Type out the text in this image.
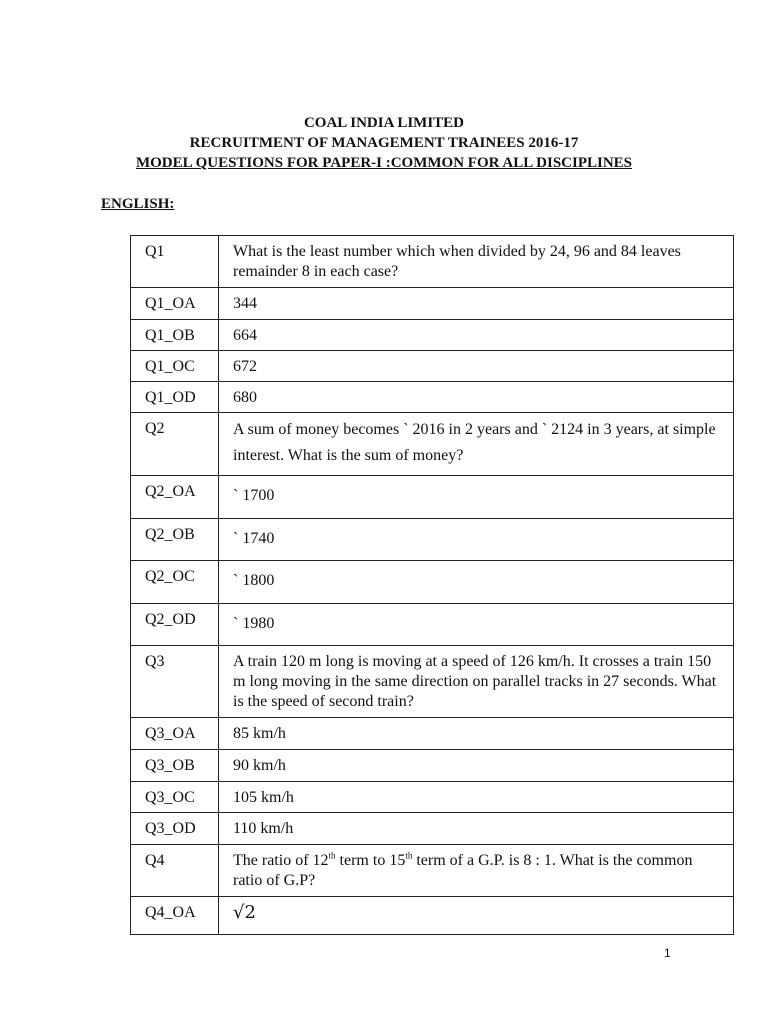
COAL INDIA LIMITED
RECRUITMENT OF MANAGEMENT TRAINEES 2016-17
MODEL QUESTIONS FOR PAPER-I :COMMON FOR ALL DISCIPLINES
ENGLISH:
Q1	What is the least number which when divided by 24, 96 and 84 leaves remainder 8 in each case?
Q1_OA	344
Q1_OB	664
Q1_OC	672
Q1_OD	680
Q2	A sum of money becomes ` 2016 in 2 years and ` 2124 in 3 years, at simple interest. What is the sum of money?
Q2_OA	` 1700
Q2_OB	` 1740
Q2_OC	` 1800
Q2_OD	` 1980
Q3	A train 120 m long is moving at a speed of 126 km/h. It crosses a train 150 m long moving in the same direction on parallel tracks in 27 seconds. What is the speed of second train?
Q3_OA	85 km/h
Q3_OB	90 km/h
Q3_OC	105 km/h
Q3_OD	110 km/h
Q4	The ratio of 12th term to 15th term of a G.P. is 8 : 1. What is the common ratio of G.P?
Q4_OA	√2
1
